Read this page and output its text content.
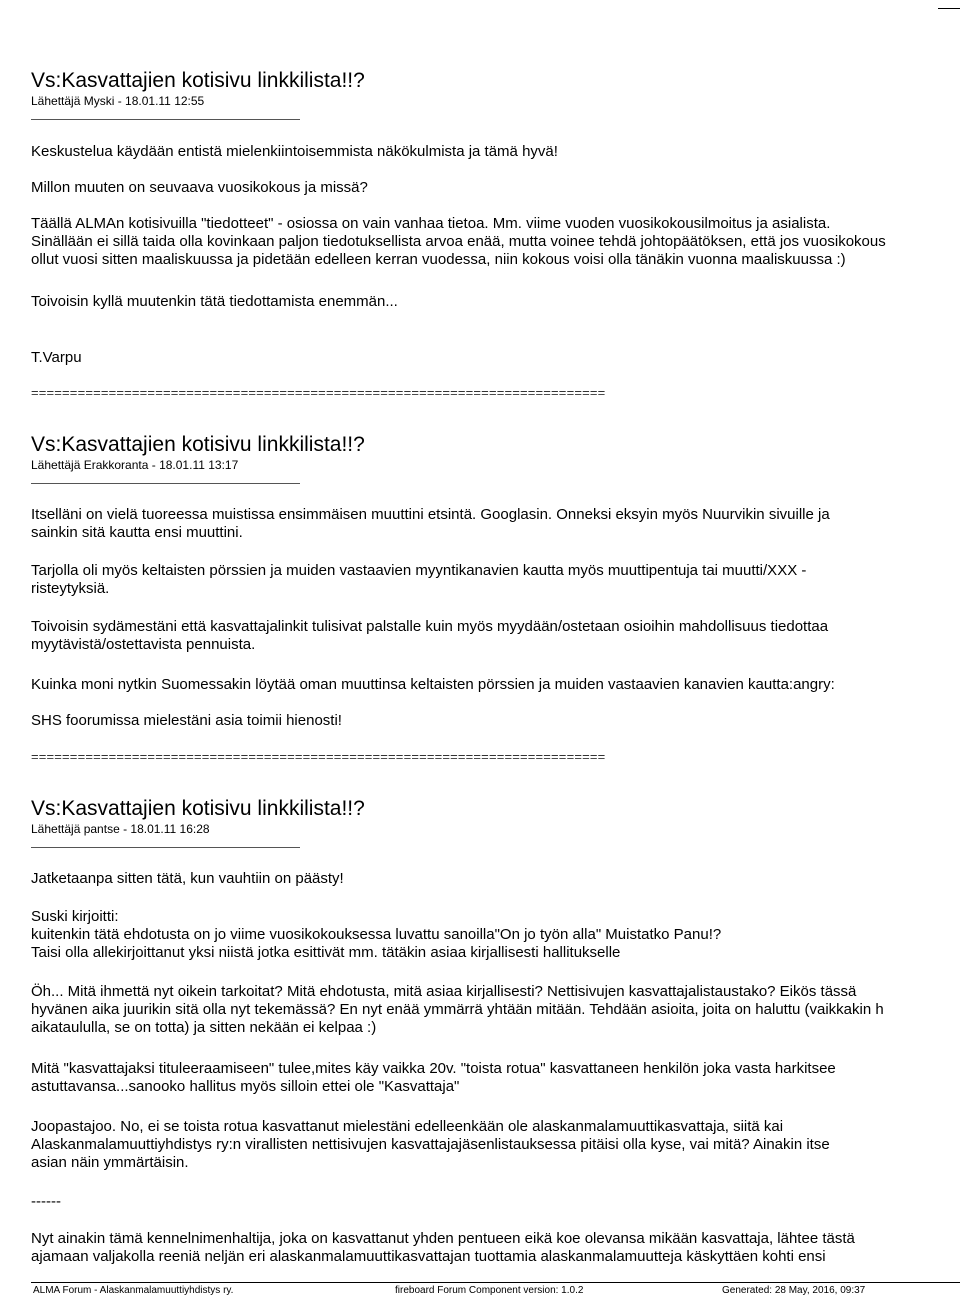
Vs:Kasvattajien kotisivu linkkilista!!?
Lähettäjä Myski - 18.01.11 12:55

Keskustelua käydään entistä mielenkiintoisemmista näkökulmista ja tämä hyvä!

Millon muuten on seuvaava vuosikokous ja missä?

Täällä ALMAn kotisivuilla "tiedotteet" - osiossa on vain vanhaa tietoa. Mm. viime vuoden vuosikokousilmoitus ja asialista.
Sinällään ei sillä taida olla kovinkaan paljon tiedotuksellista arvoa enää, mutta voinee tehdä johtopäätöksen, että jos vuosikokous
ollut vuosi sitten maaliskuussa ja pidetään edelleen kerran vuodessa, niin kokous voisi olla tänäkin vuonna maaliskuussa :)

Toivoisin kyllä muutenkin tätä tiedottamista enemmän...

T.Varpu

==========================================================================
Vs:Kasvattajien kotisivu linkkilista!!?
Lähettäjä Erakkoranta - 18.01.11 13:17

Itselläni on vielä tuoreessa muistissa ensimmäisen muuttini etsintä. Googlasin. Onneksi eksyin myös Nuurvikin sivuille ja
sainkin sitä kautta ensi muuttini.

Tarjolla oli myös keltaisten pörssien ja muiden vastaavien myyntikanavien kautta myös muuttipentuja tai muutti/XXX -
risteytyksiä.

Toivoisin sydämestäni että kasvattajalinkit tulisivat palstalle kuin myös myydään/ostetaan osioihin mahdollisuus tiedottaa
myytävistä/ostettavista pennuista.

Kuinka moni nytkin Suomessakin löytää oman muuttinsa keltaisten pörssien ja muiden vastaavien kanavien kautta:angry:

SHS foorumissa mielestäni asia toimii hienosti!

==========================================================================
Vs:Kasvattajien kotisivu linkkilista!!?
Lähettäjä pantse - 18.01.11 16:28

Jatketaanpa sitten tätä, kun vauhtiin on päästy!

Suski kirjoitti:
kuitenkin tätä ehdotusta on jo viime vuosikokouksessa luvattu sanoilla"On jo työn alla" Muistatko Panu!?
Taisi olla allekirjoittanut yksi niistä jotka esittivät mm. tätäkin asiaa kirjallisesti hallitukselle

Öh... Mitä ihmettä nyt oikein tarkoitat? Mitä ehdotusta, mitä asiaa kirjallisesti? Nettisivujen kasvattajalistaustako? Eikös tässä
hyvänen aika juurikin sitä olla nyt tekemässä? En nyt enää ymmärrä yhtään mitään. Tehdään asioita, joita on haluttu (vaikkakin h
aikataululla, se on totta) ja sitten nekään ei kelpaa :)

Mitä "kasvattajaksi tituleeraamiseen" tulee,mites käy vaikka 20v. "toista rotua" kasvattaneen henkilön joka vasta harkitsee
astuttavansa...sanooko hallitus myös silloin ettei ole "Kasvattaja"

Joopastajoo. No, ei se toista rotua kasvattanut mielestäni edelleenkään ole alaskanmalamuuttikasvattaja, siitä kai
Alaskanmalamuuttiyhdistys ry:n virallisten nettisivujen kasvattajajäsenlistauksessa pitäisi olla kyse, vai mitä? Ainakin itse
asian näin ymmärtäisin.

------

Nyt ainakin tämä kennelnimenhaltija, joka on kasvattanut yhden pentueen eikä koe olevansa mikään kasvattaja, lähtee tästä
ajamaan valjakolla reeniä neljän eri alaskanmalamuuttikasvattajan tuottamia alaskanmalamuutteja käskyttäen kohti ensi

ALMA Forum - Alaskanmalamuuttiyhdistys ry.	fireboard Forum Component version: 1.0.2	Generated: 28 May, 2016, 09:37
